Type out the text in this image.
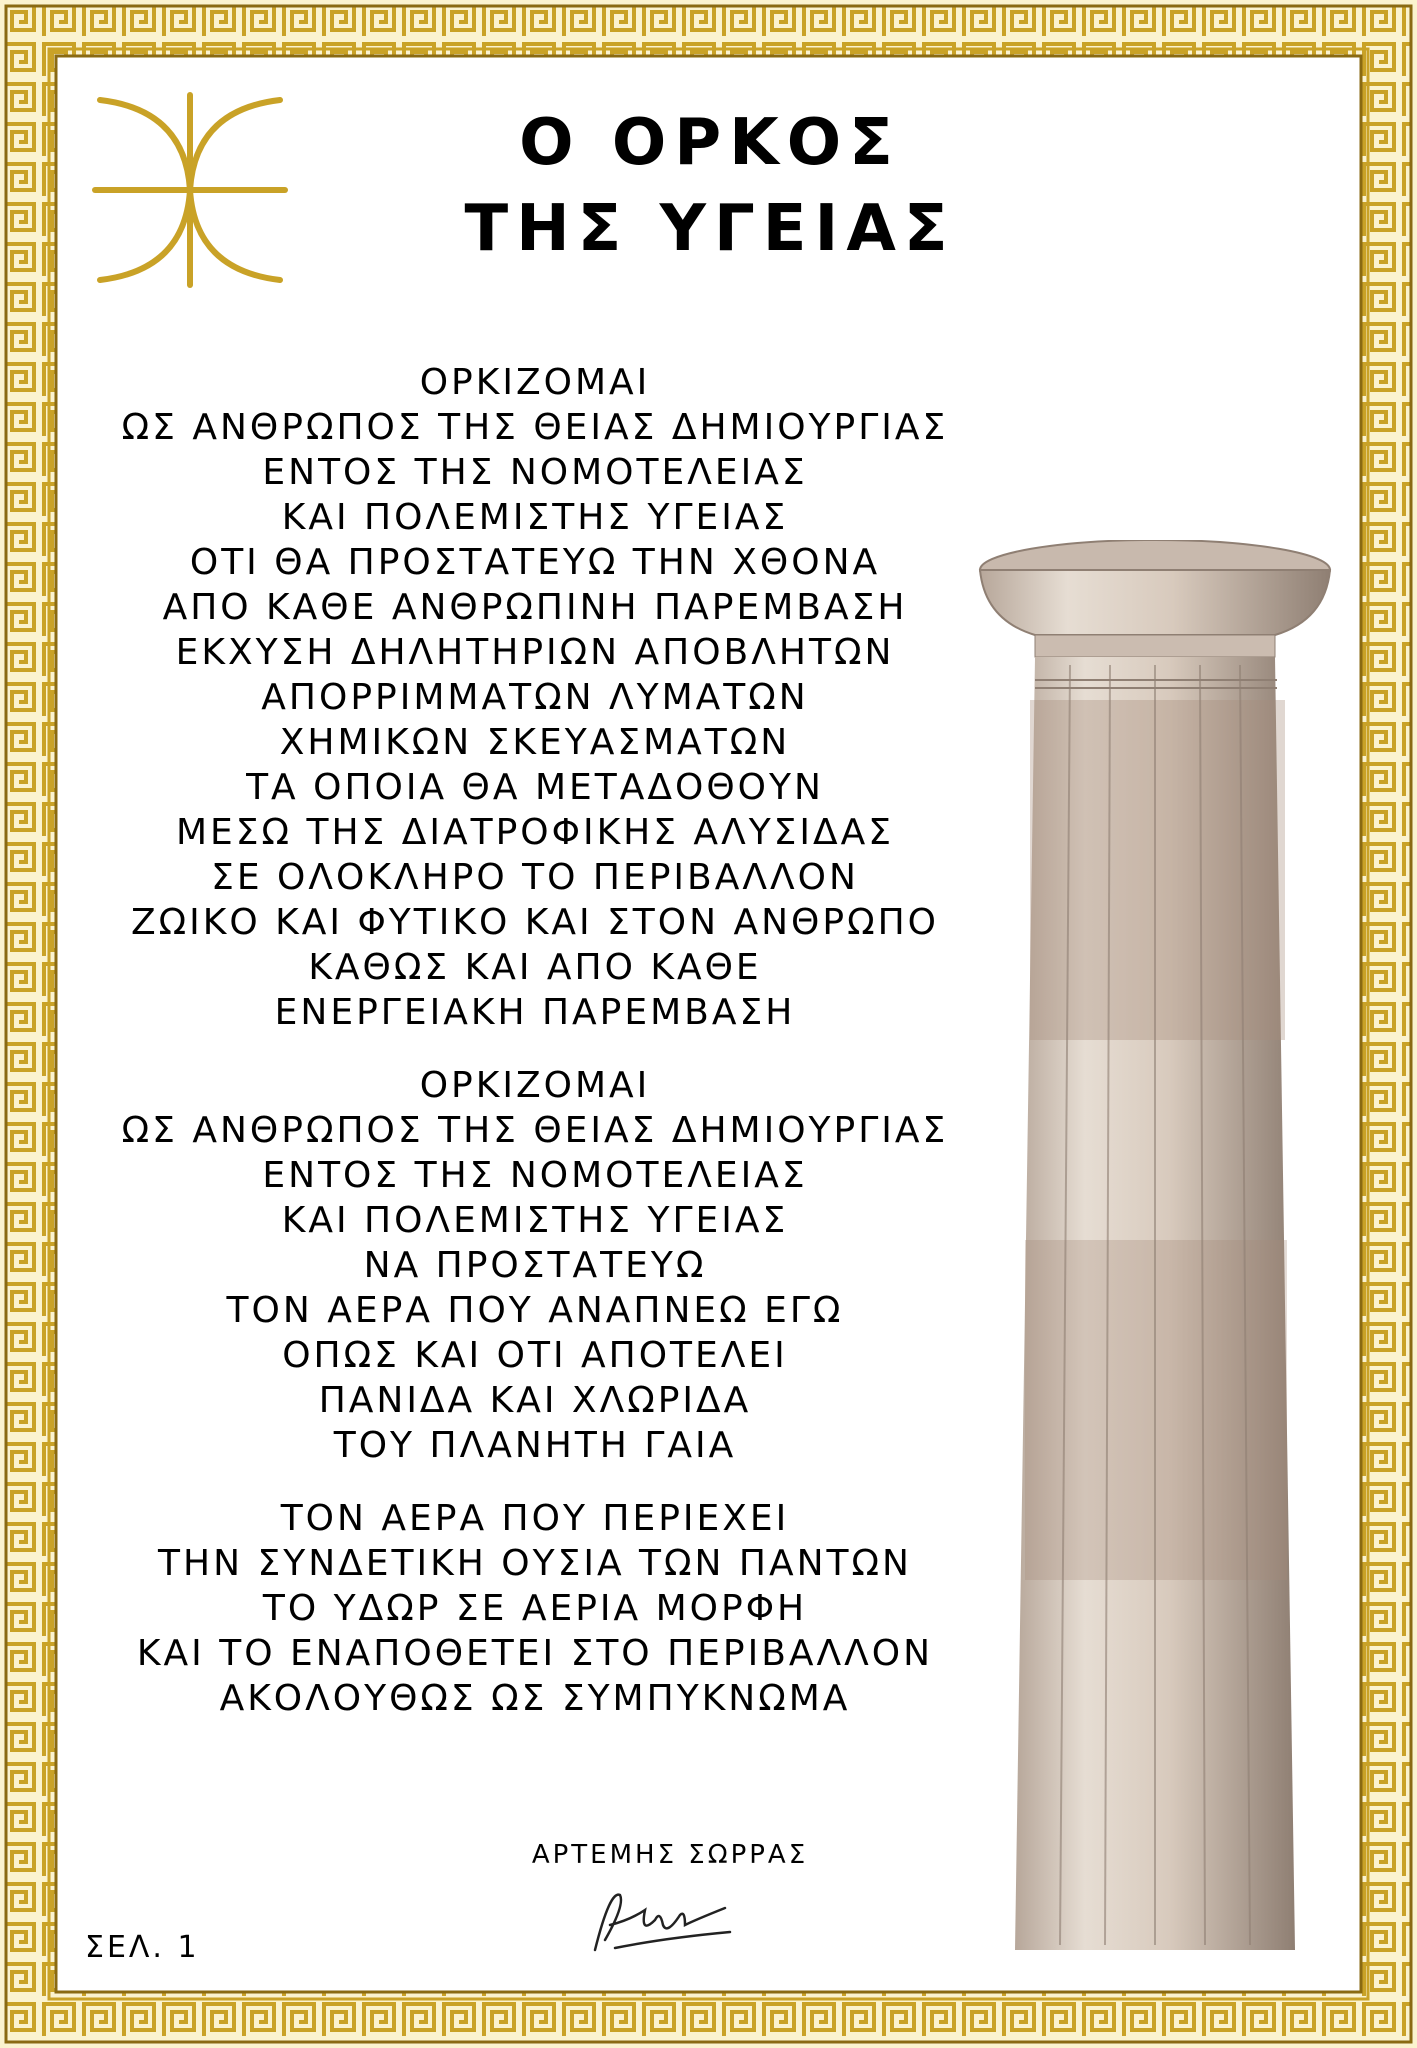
Ο ΟΡΚΟΣ
ΤΗΣ ΥΓΕΙΑΣ
ΟΡΚΙΖΟΜΑΙ
ΩΣ ΑΝΘΡΩΠΟΣ ΤΗΣ ΘΕΙΑΣ ΔΗΜΙΟΥΡΓΙΑΣ
ΕΝΤΟΣ ΤΗΣ ΝΟΜΟΤΕΛΕΙΑΣ
ΚΑΙ ΠΟΛΕΜΙΣΤΗΣ ΥΓΕΙΑΣ
ΟΤΙ ΘΑ ΠΡΟΣΤΑΤΕΥΩ ΤΗΝ ΧΘΟΝΑ
ΑΠΟ ΚΑΘΕ ΑΝΘΡΩΠΙΝΗ ΠΑΡΕΜΒΑΣΗ
ΕΚΧΥΣΗ ΔΗΛΗΤΗΡΙΩΝ ΑΠΟΒΛΗΤΩΝ
ΑΠΟΡΡΙΜΜΑΤΩΝ ΛΥΜΑΤΩΝ
ΧΗΜΙΚΩΝ ΣΚΕΥΑΣΜΑΤΩΝ
ΤΑ ΟΠΟΙΑ ΘΑ ΜΕΤΑΔΟΘΟΥΝ
ΜΕΣΩ ΤΗΣ ΔΙΑΤΡΟΦΙΚΗΣ ΑΛΥΣΙΔΑΣ
ΣΕ ΟΛΟΚΛΗΡΟ ΤΟ ΠΕΡΙΒΑΛΛΟΝ
ΖΩΙΚΟ ΚΑΙ ΦΥΤΙΚΟ ΚΑΙ ΣΤΟΝ ΑΝΘΡΩΠΟ
ΚΑΘΩΣ ΚΑΙ ΑΠΟ ΚΑΘΕ
ΕΝΕΡΓΕΙΑΚΗ ΠΑΡΕΜΒΑΣΗ
ΟΡΚΙΖΟΜΑΙ
ΩΣ ΑΝΘΡΩΠΟΣ ΤΗΣ ΘΕΙΑΣ ΔΗΜΙΟΥΡΓΙΑΣ
ΕΝΤΟΣ ΤΗΣ ΝΟΜΟΤΕΛΕΙΑΣ
ΚΑΙ ΠΟΛΕΜΙΣΤΗΣ ΥΓΕΙΑΣ
ΝΑ ΠΡΟΣΤΑΤΕΥΩ
ΤΟΝ ΑΕΡΑ ΠΟΥ ΑΝΑΠΝΕΩ ΕΓΩ
ΟΠΩΣ ΚΑΙ ΟΤΙ ΑΠΟΤΕΛΕΙ
ΠΑΝΙΔΑ ΚΑΙ ΧΛΩΡΙΔΑ
ΤΟΥ ΠΛΑΝΗΤΗ ΓΑΙΑ
ΤΟΝ ΑΕΡΑ ΠΟΥ ΠΕΡΙΕΧΕΙ
ΤΗΝ ΣΥΝΔΕΤΙΚΗ ΟΥΣΙΑ ΤΩΝ ΠΑΝΤΩΝ
ΤΟ ΥΔΩΡ ΣΕ ΑΕΡΙΑ ΜΟΡΦΗ
ΚΑΙ ΤΟ ΕΝΑΠΟΘΕΤΕΙ ΣΤΟ ΠΕΡΙΒΑΛΛΟΝ
ΑΚΟΛΟΥΘΩΣ ΩΣ ΣΥΜΠΥΚΝΩΜΑ
ΑΡΤΕΜΗΣ ΣΩΡΡΑΣ
ΣΕΛ. 1
